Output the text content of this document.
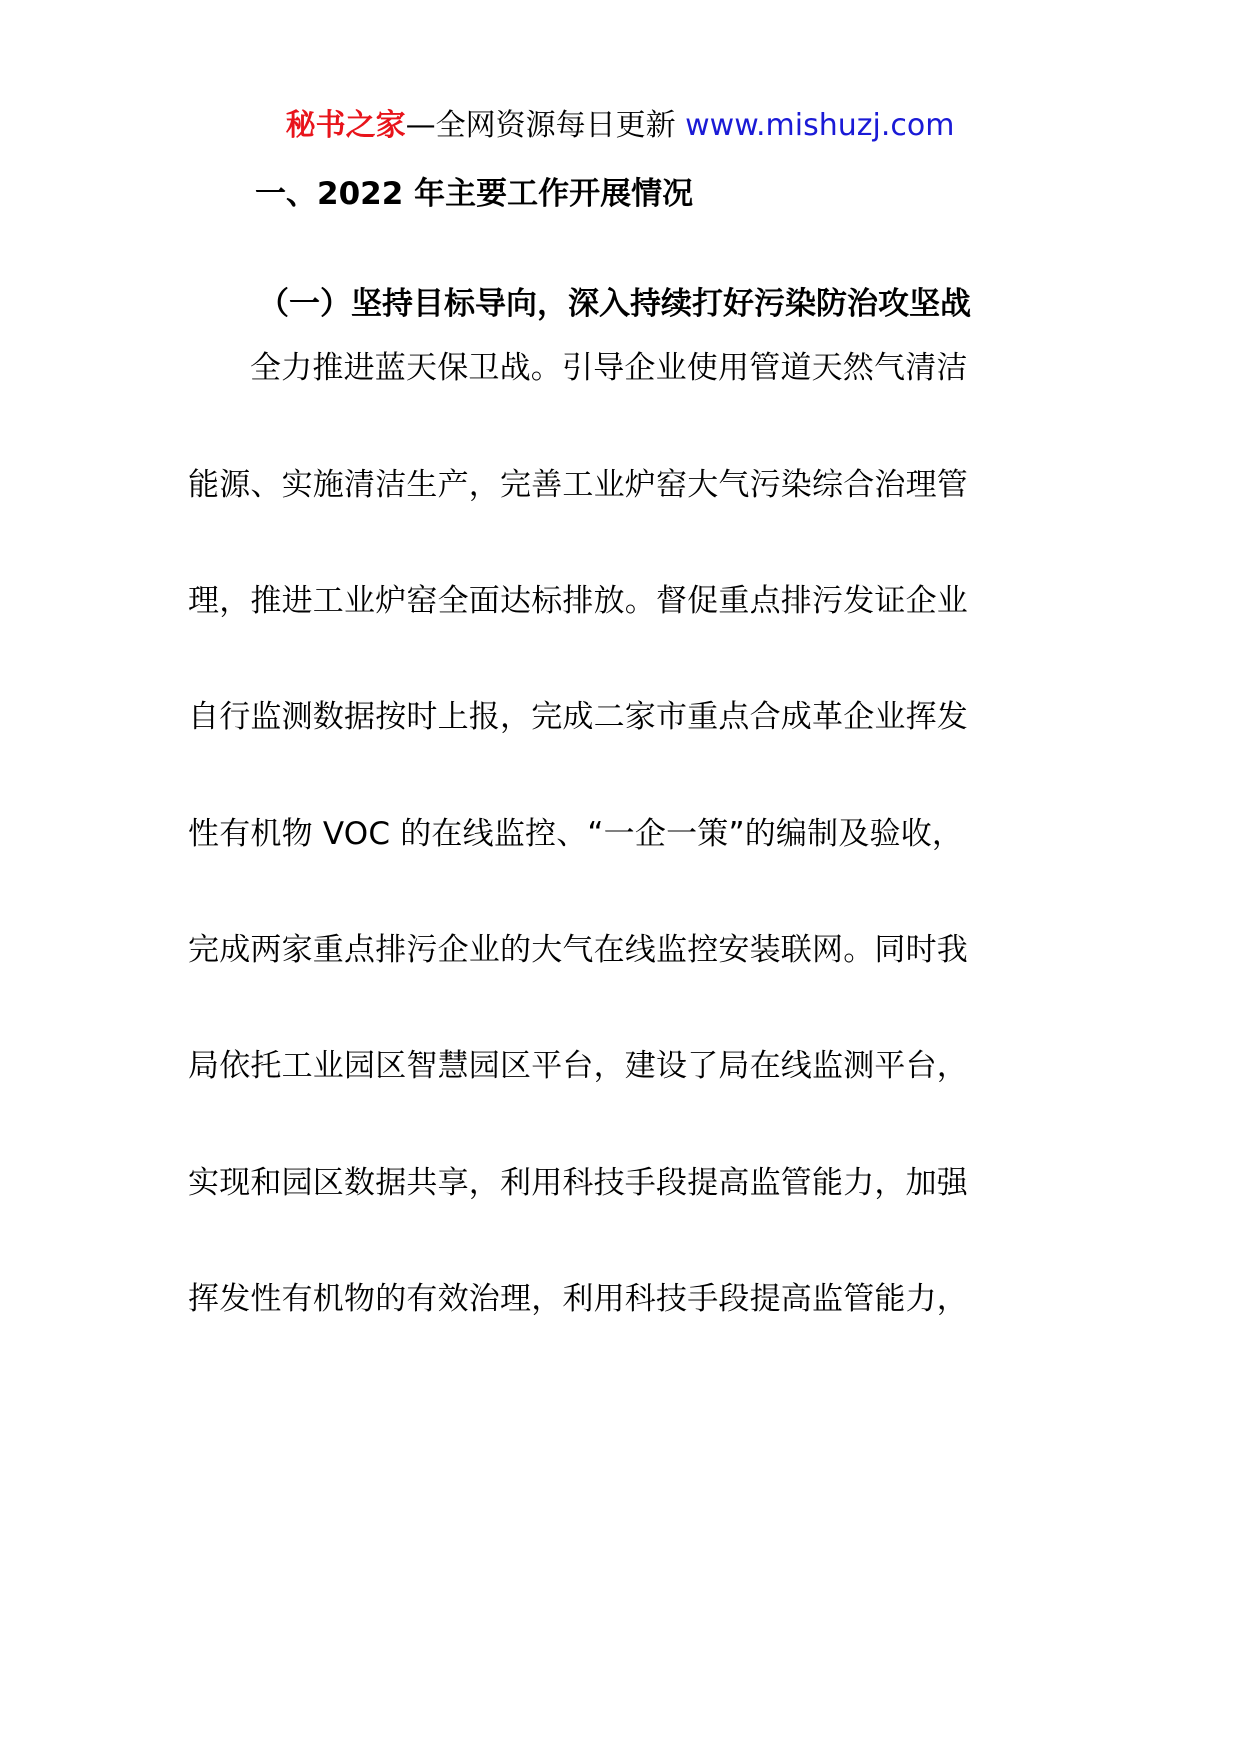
秘书之家—全网资源每日更新 www.mishuzj.com
一、2022 年主要工作开展情况
（一）坚持目标导向，深入持续打好污染防治攻坚战
全力推进蓝天保卫战。引导企业使用管道天然气清洁
能源、实施清洁生产，完善工业炉窑大气污染综合治理管
理，推进工业炉窑全面达标排放。督促重点排污发证企业
自行监测数据按时上报，完成二家市重点合成革企业挥发
性有机物 VOC 的在线监控、“一企一策”的编制及验收，
完成两家重点排污企业的大气在线监控安装联网。同时我
局依托工业园区智慧园区平台，建设了局在线监测平台，
实现和园区数据共享，利用科技手段提高监管能力，加强
挥发性有机物的有效治理，利用科技手段提高监管能力，
